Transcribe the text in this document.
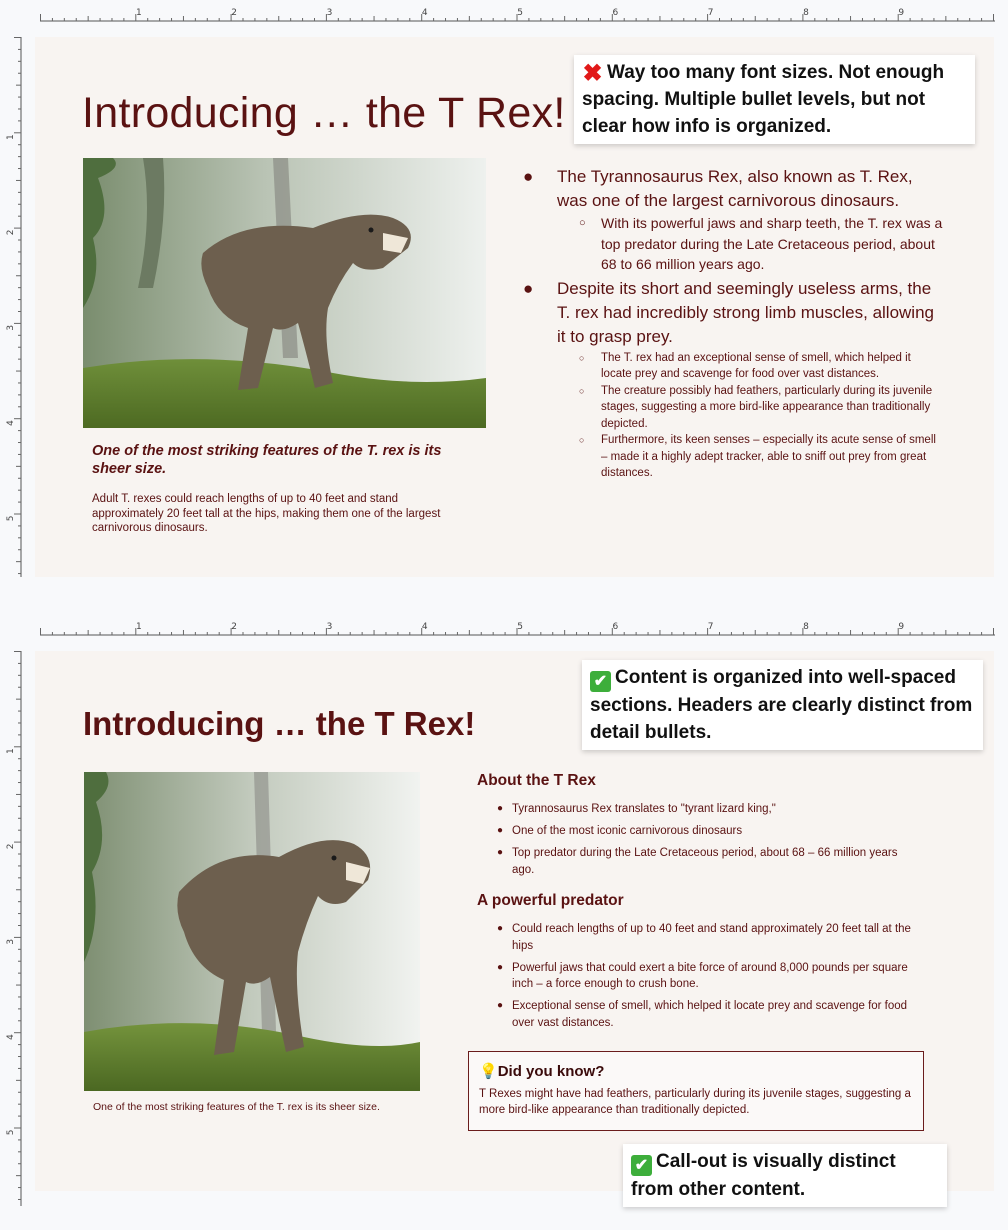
1	2	3	4	5	6	7	8	9
1
2
3
4
5
Introducing … the T Rex!
One of the most striking features of the T. rex is its sheer size.
Adult T. rexes could reach lengths of up to 40 feet and stand approximately 20 feet tall at the hips, making them one of the largest carnivorous dinosaurs.
●	The Tyrannosaurus Rex, also known as T. Rex, was one of the largest carnivorous dinosaurs.
○	With its powerful jaws and sharp teeth, the T. rex was a top predator during the Late Cretaceous period, about 68 to 66 million years ago.
●	Despite its short and seemingly useless arms, the T. rex had incredibly strong limb muscles, allowing it to grasp prey.
○	The T. rex had an exceptional sense of smell, which helped it locate prey and scavenge for food over vast distances.
○	The creature possibly had feathers, particularly during its juvenile stages, suggesting a more bird-like appearance than traditionally depicted.
○	Furthermore, its keen senses – especially its acute sense of smell – made it a highly adept tracker, able to sniff out prey from great distances.
✖ Way too many font sizes. Not enough spacing. Multiple bullet levels, but not clear how info is organized.
1	2	3	4	5	6	7	8	9
1
2
3
4
5
Introducing … the T Rex!
One of the most striking features of the T. rex is its sheer size.
About the T Rex
● Tyrannosaurus Rex translates to "tyrant lizard king,"
● One of the most iconic carnivorous dinosaurs
● Top predator during the Late Cretaceous period, about 68 – 66 million years ago.
A powerful predator
● Could reach lengths of up to 40 feet and stand approximately 20 feet tall at the hips
● Powerful jaws that could exert a bite force of around 8,000 pounds per square inch – a force enough to crush bone.
● Exceptional sense of smell, which helped it locate prey and scavenge for food over vast distances.
💡Did you know?
T Rexes might have had feathers, particularly during its juvenile stages, suggesting a more bird-like appearance than traditionally depicted.
✔ Content is organized into well-spaced sections. Headers are clearly distinct from detail bullets.
✔ Call-out is visually distinct from other content.
